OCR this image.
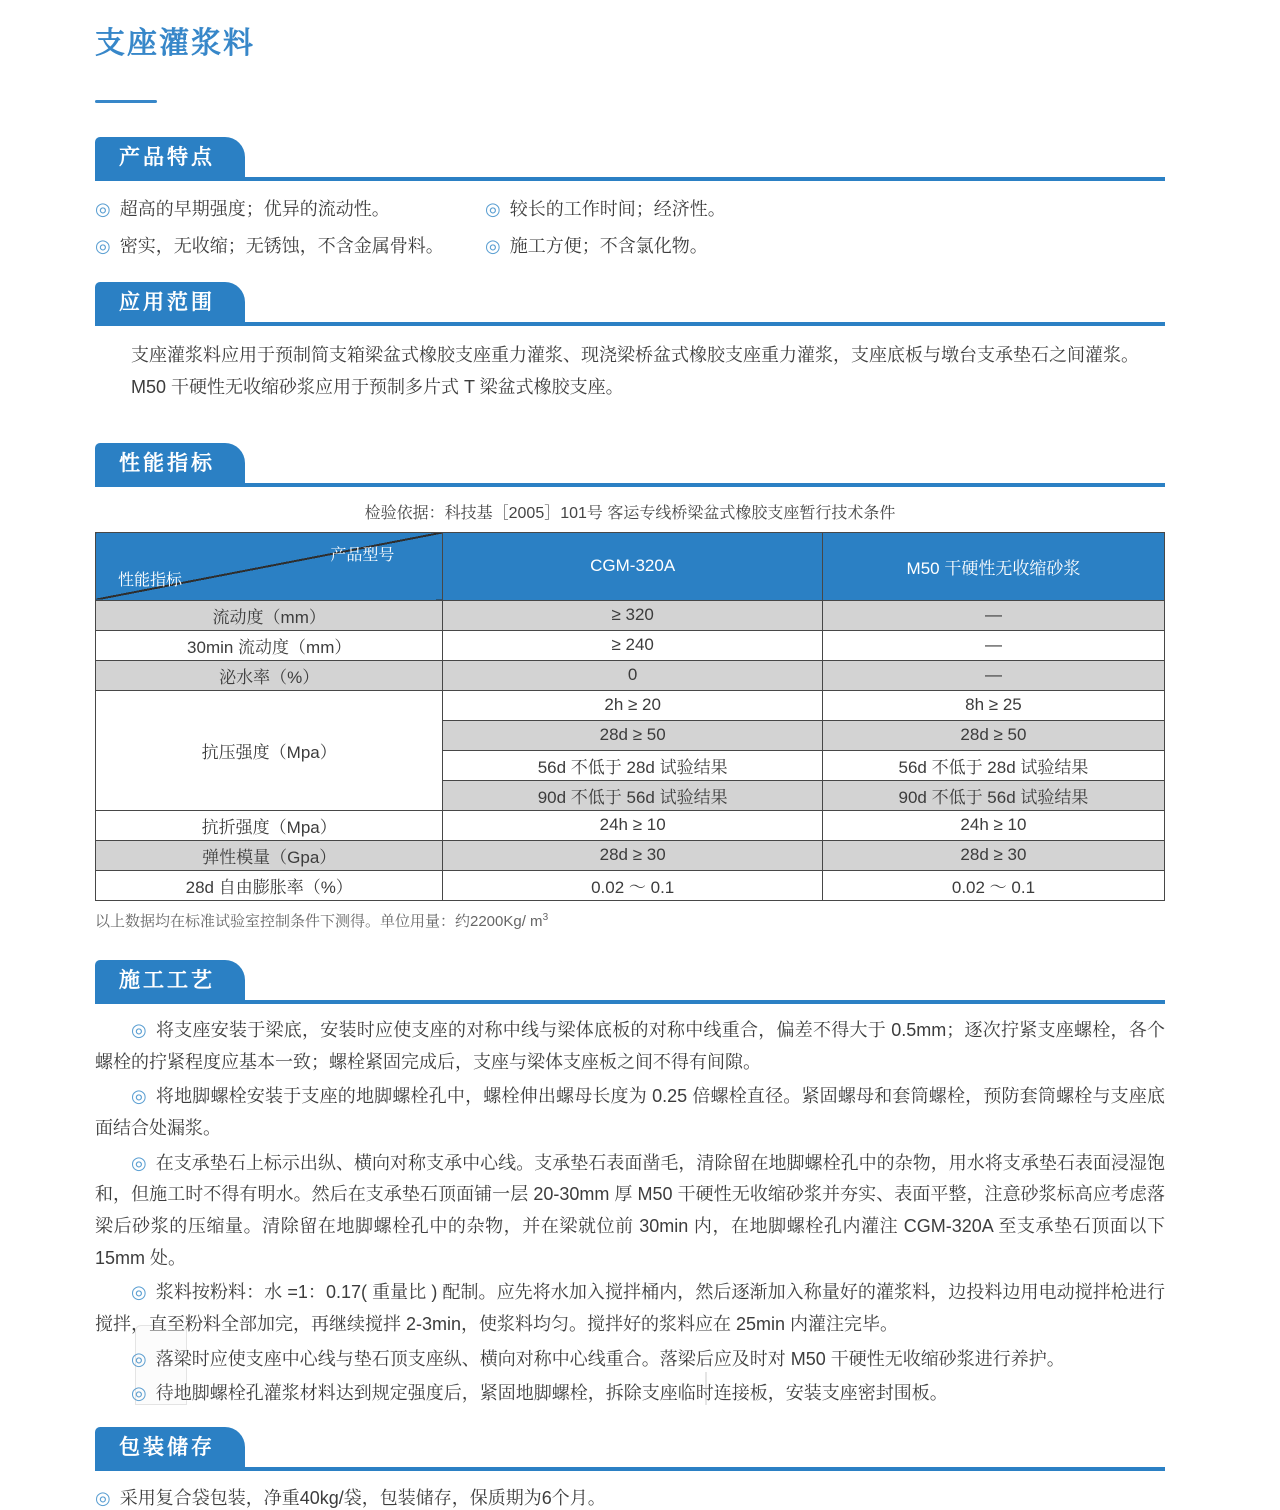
支座灌浆料
产品特点
◎ 超高的早期强度；优异的流动性。	◎ 较长的工作时间；经济性。
◎ 密实，无收缩；无锈蚀，不含金属骨料。	◎ 施工方便；不含氯化物。
应用范围
支座灌浆料应用于预制简支箱梁盆式橡胶支座重力灌浆、现浇梁桥盆式橡胶支座重力灌浆，支座底板与墩台支承垫石之间灌浆。
M50 干硬性无收缩砂浆应用于预制多片式 T 梁盆式橡胶支座。
性能指标
检验依据：科技基［2005］101号 客运专线桥梁盆式橡胶支座暂行技术条件
产品型号
性能指标	CGM-320A	M50 干硬性无收缩砂浆
流动度（mm）	≥ 320	—
30min 流动度（mm）	≥ 240	—
泌水率（%）	0	—
抗压强度（Mpa）	2h ≥ 20	8h ≥ 25
	28d ≥ 50	28d ≥ 50
	56d 不低于 28d 试验结果	56d 不低于 28d 试验结果
	90d 不低于 56d 试验结果	90d 不低于 56d 试验结果
抗折强度（Mpa）	24h ≥ 10	24h ≥ 10
弹性模量（Gpa）	28d ≥ 30	28d ≥ 30
28d 自由膨胀率（%）	0.02 ～ 0.1	0.02 ～ 0.1
以上数据均在标准试验室控制条件下测得。单位用量：约2200Kg/ $m^3$
施工工艺

◎ 将支座安装于梁底，安装时应使支座的对称中线与梁体底板的对称中线重合，偏差不得大于 0.5mm；逐次拧紧支座螺栓，各个螺栓的拧紧程度应基本一致；螺栓紧固完成后，支座与梁体支座板之间不得有间隙。

◎ 将地脚螺栓安装于支座的地脚螺栓孔中，螺栓伸出螺母长度为 0.25 倍螺栓直径。紧固螺母和套筒螺栓，预防套筒螺栓与支座底面结合处漏浆。

◎ 在支承垫石上标示出纵、横向对称支承中心线。支承垫石表面凿毛，清除留在地脚螺栓孔中的杂物，用水将支承垫石表面浸湿饱和，但施工时不得有明水。然后在支承垫石顶面铺一层 20-30mm 厚 M50 干硬性无收缩砂浆并夯实、表面平整，注意砂浆标高应考虑落梁后砂浆的压缩量。清除留在地脚螺栓孔中的杂物，并在梁就位前 30min 内，在地脚螺栓孔内灌注 CGM-320A 至支承垫石顶面以下 15mm 处。

◎ 浆料按粉料：水 =1：0.17( 重量比 ) 配制。应先将水加入搅拌桶内，然后逐渐加入称量好的灌浆料，边投料边用电动搅拌枪进行搅拌，直至粉料全部加完，再继续搅拌 2-3min，使浆料均匀。搅拌好的浆料应在 25min 内灌注完毕。

◎ 落梁时应使支座中心线与垫石顶支座纵、横向对称中心线重合。落梁后应及时对 M50 干硬性无收缩砂浆进行养护。

◎ 待地脚螺栓孔灌浆材料达到规定强度后，紧固地脚螺栓，拆除支座临时连接板，安装支座密封围板。

包装储存
◎ 采用复合袋包装，净重40kg/袋，包装储存，保质期为6个月。
